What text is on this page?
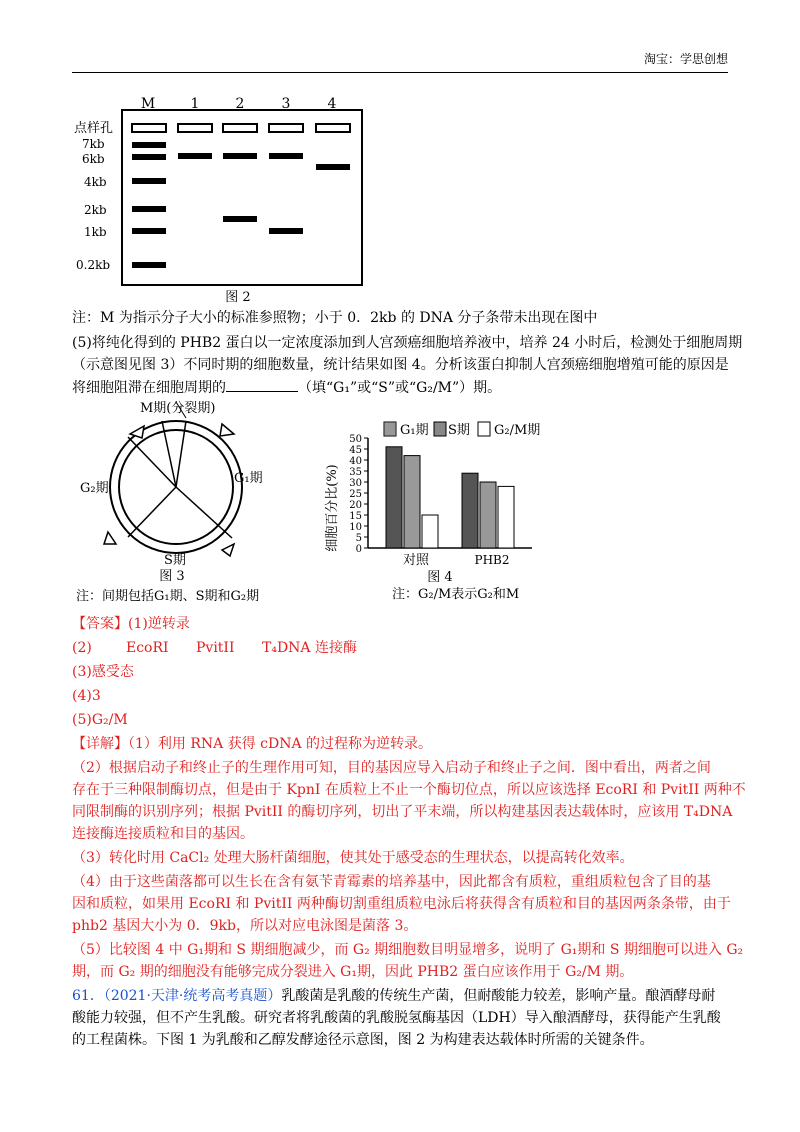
淘宝：学思创想
M	1	2	3	4
点样孔
7kb
6kb
4kb
2kb
1kb
0.2kb
图 2
注：M 为指示分子大小的标准参照物；小于 0．2kb 的 DNA 分子条带未出现在图中
(5)将纯化得到的 PHB2 蛋白以一定浓度添加到人宫颈癌细胞培养液中，培养 24 小时后，检测处于细胞周期
（示意图见图 3）不同时期的细胞数量，统计结果如图 4。分析该蛋白抑制人宫颈癌细胞增殖可能的原因是
将细胞阻滞在细胞周期的	（填“G₁”或“S”或“G₂/M”）期。
M期(分裂期)
G₁期
G₂期
S期
图 3
注：间期包括G₁期、S期和G₂期
G₁期 S期 G₂/M期
细胞百分比(%) 0
5
10
15
20
25
30
35
40
45
50
对照	PHB2
图 4
注：G₂/M表示G₂和M
【答案】(1)逆转录
(2) EcoRI PvitII T₄DNA 连接酶
(3)感受态
(4)3
(5)G₂/M
【详解】（1）利用 RNA 获得 cDNA 的过程称为逆转录。
（2）根据启动子和终止子的生理作用可知，目的基因应导入启动子和终止子之间．图中看出，两者之间
存在于三种限制酶切点，但是由于 KpnI 在质粒上不止一个酶切位点，所以应该选择 EcoRI 和 PvitII 两种不
同限制酶的识别序列；根据 PvitII 的酶切序列，切出了平末端，所以构建基因表达载体时，应该用 T₄DNA
连接酶连接质粒和目的基因。
（3）转化时用 CaCl₂ 处理大肠杆菌细胞，使其处于感受态的生理状态，以提高转化效率。
（4）由于这些菌落都可以生长在含有氨苄青霉素的培养基中，因此都含有质粒，重组质粒包含了目的基
因和质粒，如果用 EcoRI 和 PvitII 两种酶切割重组质粒电泳后将获得含有质粒和目的基因两条条带，由于
phb2 基因大小为 0．9kb，所以对应电泳图是菌落 3。
（5）比较图 4 中 G₁期和 S 期细胞减少，而 G₂ 期细胞数目明显增多，说明了 G₁期和 S 期细胞可以进入 G₂
期，而 G₂ 期的细胞没有能够完成分裂进入 G₁期，因此 PHB2 蛋白应该作用于 G₂/M 期。
61．（2021·天津·统考高考真题）乳酸菌是乳酸的传统生产菌，但耐酸能力较差，影响产量。酿酒酵母耐
酸能力较强，但不产生乳酸。研究者将乳酸菌的乳酸脱氢酶基因（LDH）导入酿酒酵母，获得能产生乳酸
的工程菌株。下图 1 为乳酸和乙醇发酵途径示意图，图 2 为构建表达载体时所需的关键条件。
